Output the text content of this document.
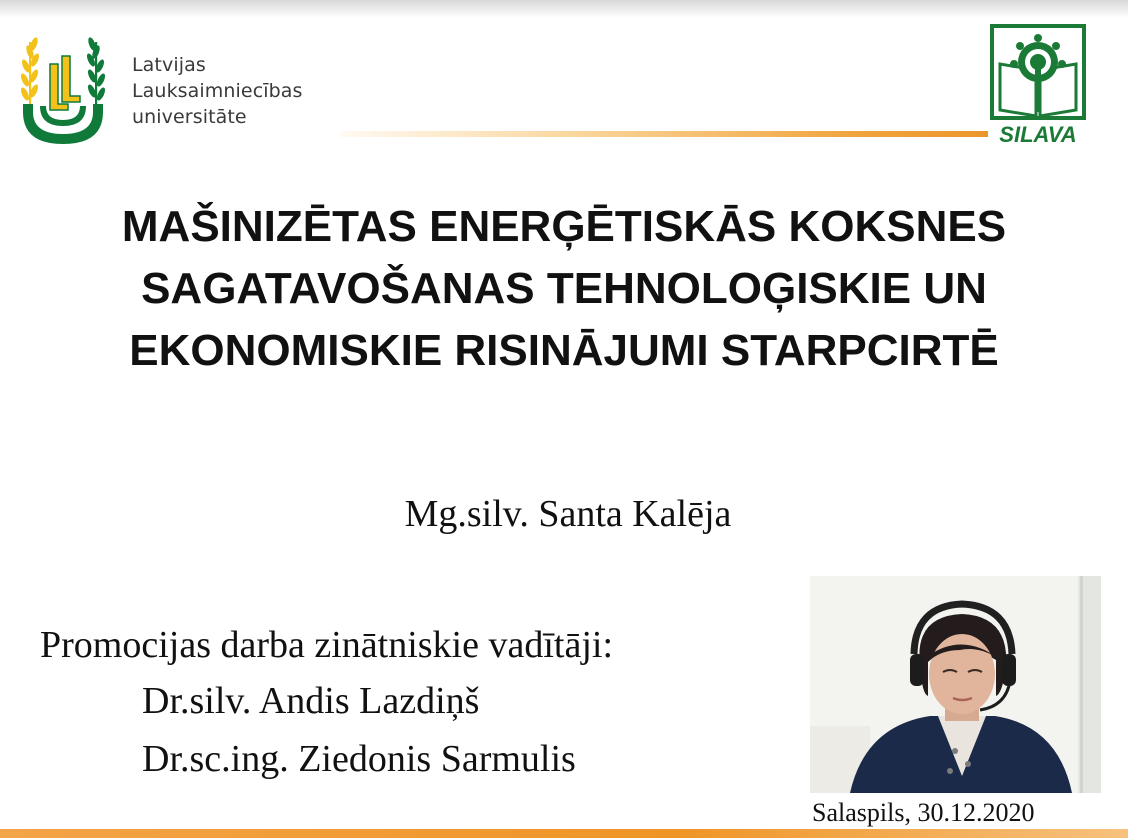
Latvijas
Lauksaimniecības
universitāte
SILAVA
MAŠINIZĒTAS ENERĢĒTISKĀS KOKSNES
SAGATAVOŠANAS TEHNOLOĢISKIE UN
EKONOMISKIE RISINĀJUMI STARPCIRTĒ
Mg.silv. Santa Kalēja
Promocijas darba zinātniskie vadītāji:
Dr.silv. Andis Lazdiņš
Dr.sc.ing. Ziedonis Sarmulis
Salaspils, 30.12.2020
